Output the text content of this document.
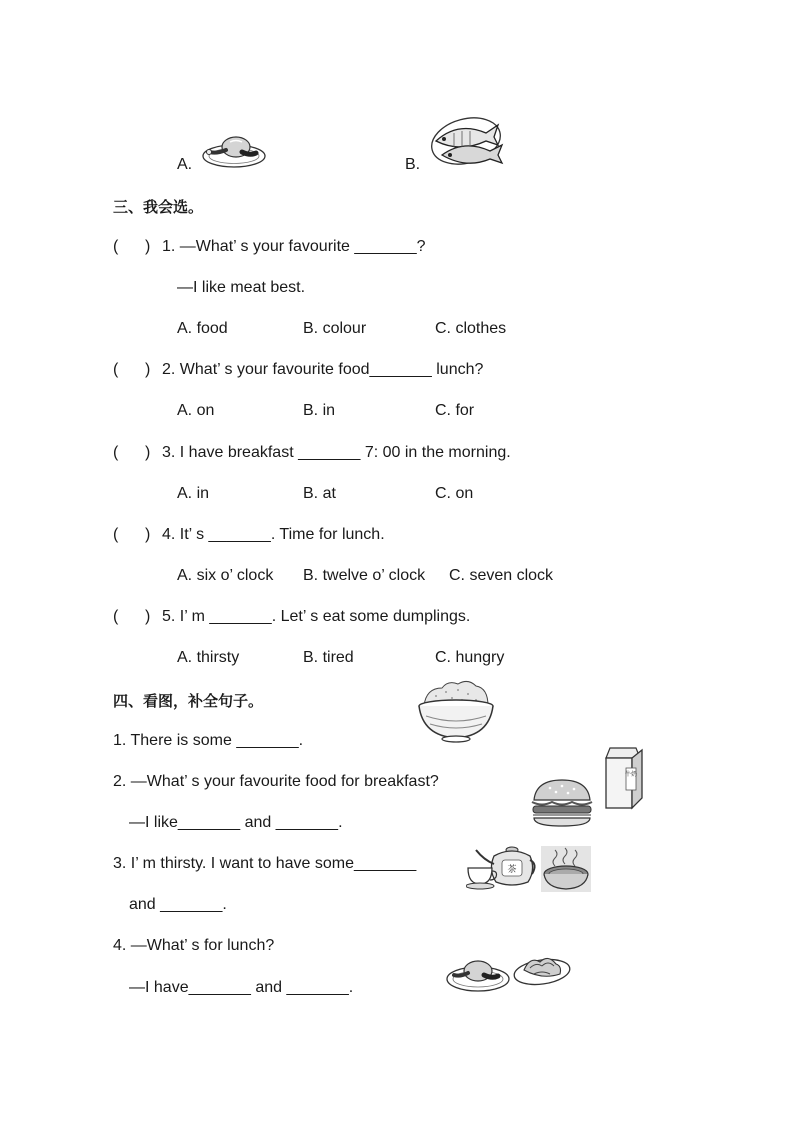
A.	B.
三、我会选。
(      ) 1. —What’ s your favourite _______?
—I like meat best.
A. food	B. colour	C. clothes
(      ) 2. What’ s your favourite food_______ lunch?
A. on	B. in	C. for
(      ) 3. I have breakfast _______ 7: 00 in the morning.
A. in	B. at	C. on
(      ) 4. It’ s _______. Time for lunch.
A. six o’ clock B. twelve o’ clock C. seven clock
(      ) 5. I’ m _______. Let’ s eat some dumplings.
A. thirsty	B. tired	C. hungry
四、看图，补全句子。
1. There is some _______.
2. —What’ s your favourite food for breakfast?	牛奶
—I like_______ and _______.
3. I’ m thirsty. I want to have some_______	茶
and _______.
4. —What’ s for lunch?
—I have_______ and _______.
